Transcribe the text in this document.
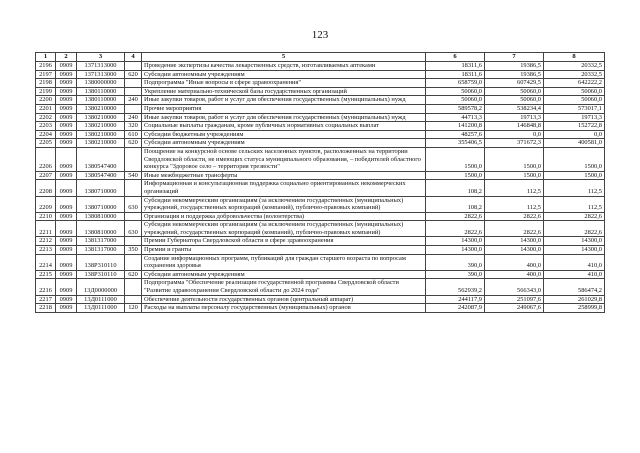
123
1	2	3	4	5	6	7	8
2196	0909	1371313000		Проведение экспертизы качества лекарственных средств, изготавливаемых аптеками	18311,6	19386,5	20332,5
2197	0909	1371313000	620	Субсидии автономным учреждениям	18311,6	19386,5	20332,5
2198	0909	1380000000		Подпрограмма "Иные вопросы в сфере здравоохранения"	658759,0	607429,5	642222,2
2199	0909	1380110000		Укрепление материально-технической базы государственных организаций	50060,0	50060,0	50060,0
2200	0909	1380110000	240	Иные закупки товаров, работ и услуг для обеспечения государственных (муниципальных) нужд	50060,0	50060,0	50060,0
2201	0909	1380210000		Прочие мероприятия	589578,2	538234,4	573017,1
2202	0909	1380210000	240	Иные закупки товаров, работ и услуг для обеспечения государственных (муниципальных) нужд	44713,3	19713,3	19713,3
2203	0909	1380210000	320	Социальные выплаты гражданам, кроме публичных нормативных социальных выплат	141200,8	146848,8	152722,8
2204	0909	1380210000	610	Субсидии бюджетным учреждениям	48257,6	0,0	0,0
2205	0909	1380210000	620	Субсидии автономным учреждениям	355406,5	371672,3	400581,0
2206	0909	1380547400		Поощрение на конкурсной основе сельских населенных пунктов, расположенных на территории Свердловской области, не имеющих статуса муниципального образования, – победителей областного конкурса "Здоровое село – территория трезвости"	1500,0	1500,0	1500,0
2207	0909	1380547400	540	Иные межбюджетные трансферты	1500,0	1500,0	1500,0
2208	0909	1380710000		Информационная и консультационная поддержка социально ориентированных некоммерческих организаций	108,2	112,5	112,5
2209	0909	1380710000	630	Субсидии некоммерческим организациям (за исключением государственных (муниципальных) учреждений, государственных корпораций (компаний), публично-правовых компаний)	108,2	112,5	112,5
2210	0909	1380810000		Организация и поддержка добровольчества (волонтерства)	2822,6	2822,6	2822,6
2211	0909	1380810000	630	Субсидии некоммерческим организациям (за исключением государственных (муниципальных) учреждений, государственных корпораций (компаний), публично-правовых компаний)	2822,6	2822,6	2822,6
2212	0909	1381317000		Премии Губернатора Свердловской области в сфере здравоохранения	14300,0	14300,0	14300,0
2213	0909	1381317000	350	Премии и гранты	14300,0	14300,0	14300,0
2214	0909	138P310110		Создание информационных программ, публикаций для граждан старшего возраста по вопросам сохранения здоровья	390,0	400,0	410,0
2215	0909	138P310110	620	Субсидии автономным учреждениям	390,0	400,0	410,0
2216	0909	13Д0000000		Подпрограмма "Обеспечение реализации государственной программы Свердловской области "Развитие здравоохранения Свердловской области до 2024 года"	562939,2	566343,0	586474,2
2217	0909	13Д0111000		Обеспечение деятельности государственных органов (центральный аппарат)	244117,9	251097,6	261029,8
2218	0909	13Д0111000	120	Расходы на выплаты персоналу государственных (муниципальных) органов	242087,9	249067,6	258999,8
